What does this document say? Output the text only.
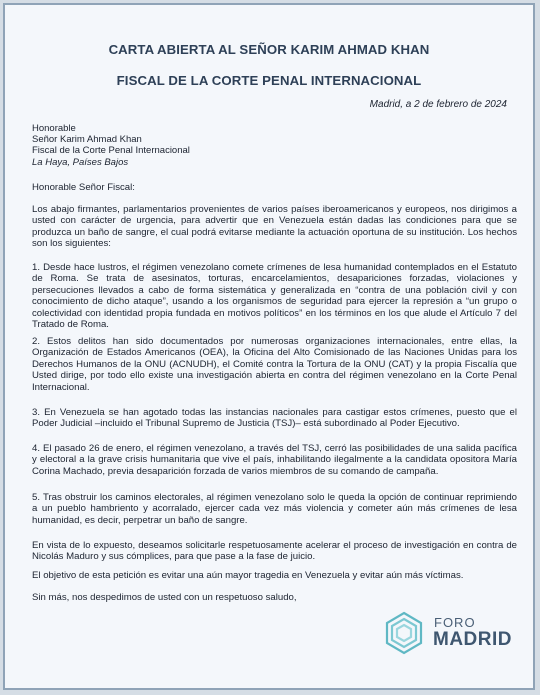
CARTA ABIERTA AL SEÑOR KARIM AHMAD KHAN
FISCAL DE LA CORTE PENAL INTERNACIONAL
Madrid, a 2 de febrero de 2024
Honorable
Señor Karim Ahmad Khan
Fiscal de la Corte Penal Internacional
La Haya, Países Bajos

Honorable Señor Fiscal:

Los abajo firmantes, parlamentarios provenientes de varios países iberoamericanos y europeos, nos dirigimos a usted con carácter de urgencia, para advertir que en Venezuela están dadas las condiciones para que se produzca un baño de sangre, el cual podrá evitarse mediante la actuación oportuna de su institución. Los hechos son los siguientes:

1. Desde hace lustros, el régimen venezolano comete crímenes de lesa humanidad contemplados en el Estatuto de Roma. Se trata de asesinatos, torturas, encarcelamientos, desapariciones forzadas, violaciones y persecuciones llevados a cabo de forma sistemática y generalizada en “contra de una población civil y con conocimiento de dicho ataque”, usando a los organismos de seguridad para ejercer la represión a “un grupo o colectividad con identidad propia fundada en motivos políticos” en los términos en los que alude el Artículo 7 del Tratado de Roma.

2. Estos delitos han sido documentados por numerosas organizaciones internacionales, entre ellas, la Organización de Estados Americanos (OEA), la Oficina del Alto Comisionado de las Naciones Unidas para los Derechos Humanos de la ONU (ACNUDH), el Comité contra la Tortura de la ONU (CAT) y la propia Fiscalía que Usted dirige, por todo ello existe una investigación abierta en contra del régimen venezolano en la Corte Penal Internacional.

3. En Venezuela se han agotado todas las instancias nacionales para castigar estos crímenes, puesto que el Poder Judicial –incluido el Tribunal Supremo de Justicia (TSJ)– está subordinado al Poder Ejecutivo.

4. El pasado 26 de enero, el régimen venezolano, a través del TSJ, cerró las posibilidades de una salida pacífica y electoral a la grave crisis humanitaria que vive el país, inhabilitando ilegalmente a la candidata opositora María Corina Machado, previa desaparición forzada de varios miembros de su comando de campaña.

5. Tras obstruir los caminos electorales, al régimen venezolano solo le queda la opción de continuar reprimiendo a un pueblo hambriento y acorralado, ejercer cada vez más violencia y cometer aún más crímenes de lesa humanidad, es decir, perpetrar un baño de sangre.

En vista de lo expuesto, deseamos solicitarle respetuosamente acelerar el proceso de investigación en contra de Nicolás Maduro y sus cómplices, para que pase a la fase de juicio.

El objetivo de esta petición es evitar una aún mayor tragedia en Venezuela y evitar aún más víctimas.

Sin más, nos despedimos de usted con un respetuoso saludo,

FORO
MADRID
